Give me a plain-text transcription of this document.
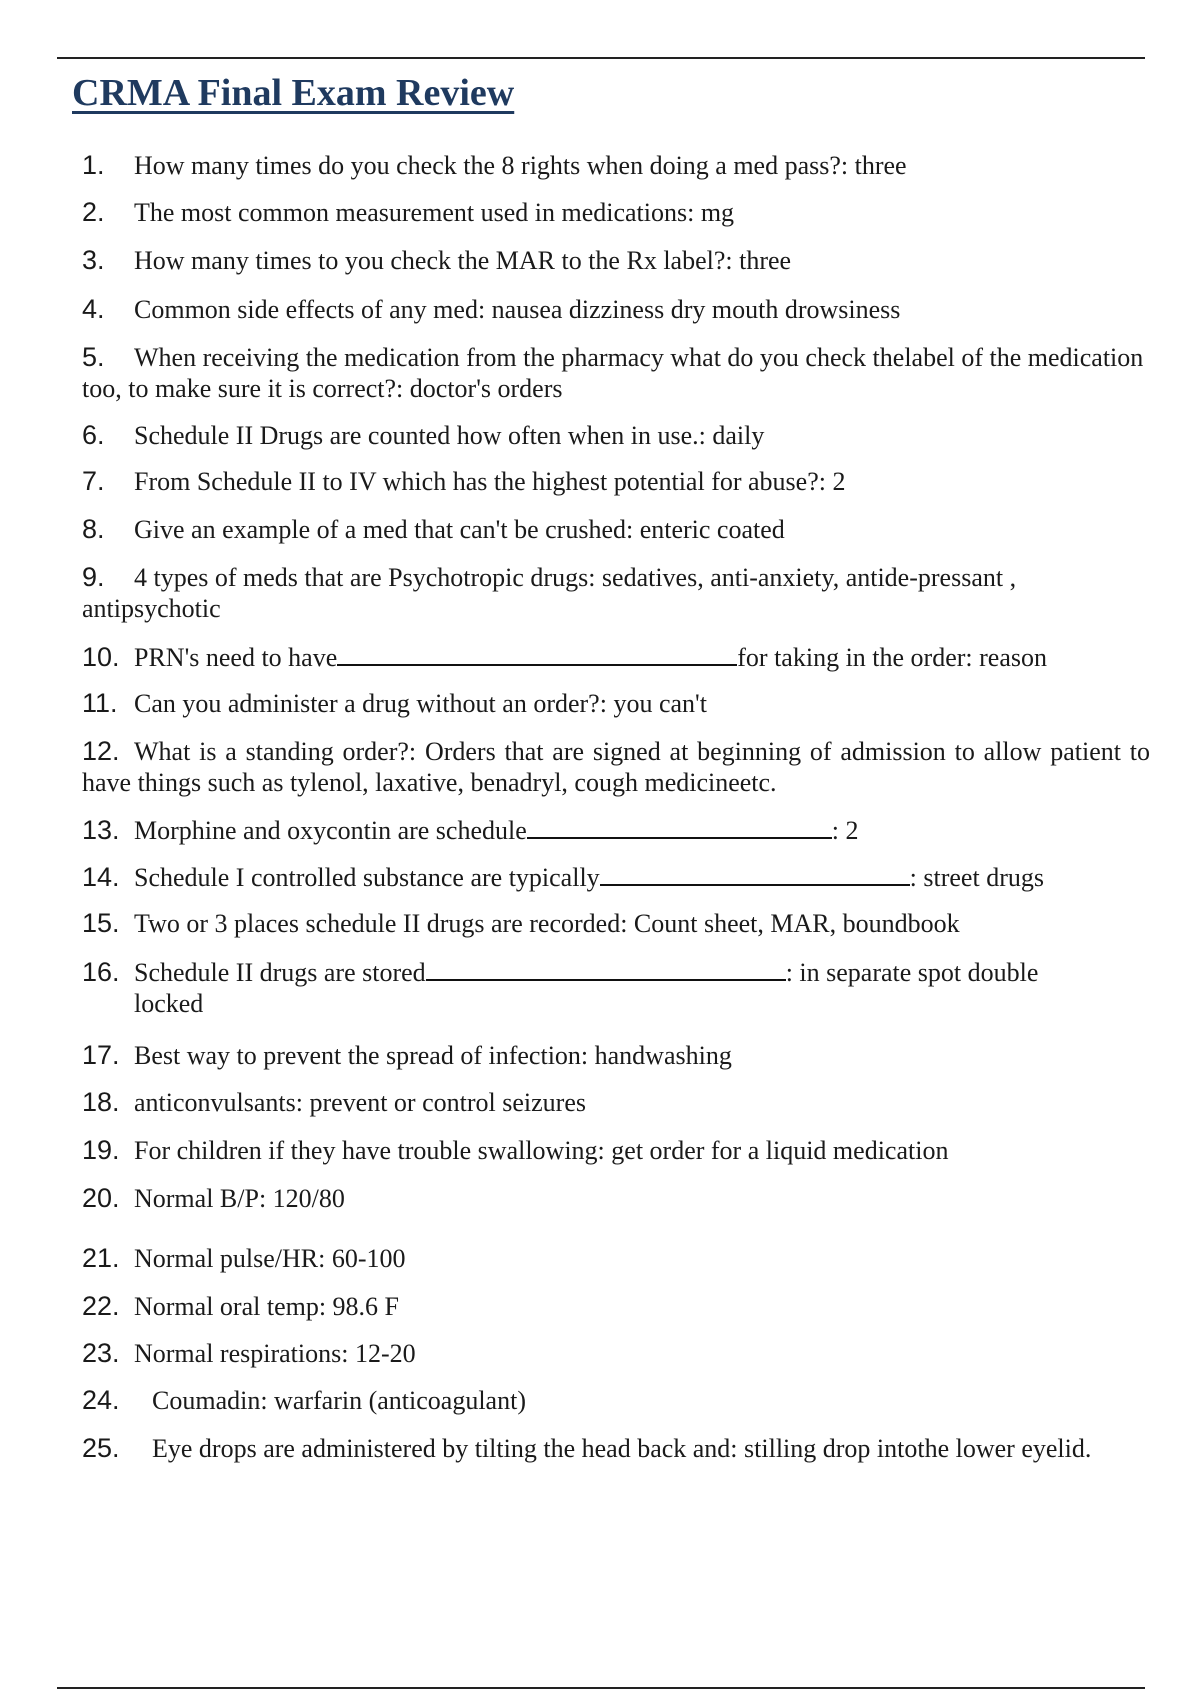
CRMA Final Exam Review

1. How many times do you check the 8 rights when doing a med pass?: three

2. The most common measurement used in medications: mg

3. How many times to you check the MAR to the Rx label?: three

4. Common side effects of any med: nausea dizziness dry mouth drowsiness

5. When receiving the medication from the pharmacy what do you check thelabel of the medication too, to make sure it is correct?: doctor's orders

6. Schedule II Drugs are counted how often when in use.: daily

7. From Schedule II to IV which has the highest potential for abuse?: 2

8. Give an example of a med that can't be crushed: enteric coated

9. 4 types of meds that are Psychotropic drugs: sedatives, anti-anxiety, antide-pressant , antipsychotic

10. PRN's need to have	for taking in the order: reason

11. Can you administer a drug without an order?: you can't

12. What is a standing order?: Orders that are signed at beginning of admission to allow patient to have things such as tylenol, laxative, benadryl, cough medicineetc.

13. Morphine and oxycontin are schedule	: 2

14. Schedule I controlled substance are typically	: street drugs

15. Two or 3 places schedule II drugs are recorded: Count sheet, MAR, boundbook

16. Schedule II drugs are stored	: in separate spot double
locked

17. Best way to prevent the spread of infection: handwashing

18. anticonvulsants: prevent or control seizures

19. For children if they have trouble swallowing: get order for a liquid medication

20. Normal B/P: 120/80

21. Normal pulse/HR: 60-100

22. Normal oral temp: 98.6 F

23. Normal respirations: 12-20

24. Coumadin: warfarin (anticoagulant)

25. Eye drops are administered by tilting the head back and: stilling drop intothe lower eyelid.
